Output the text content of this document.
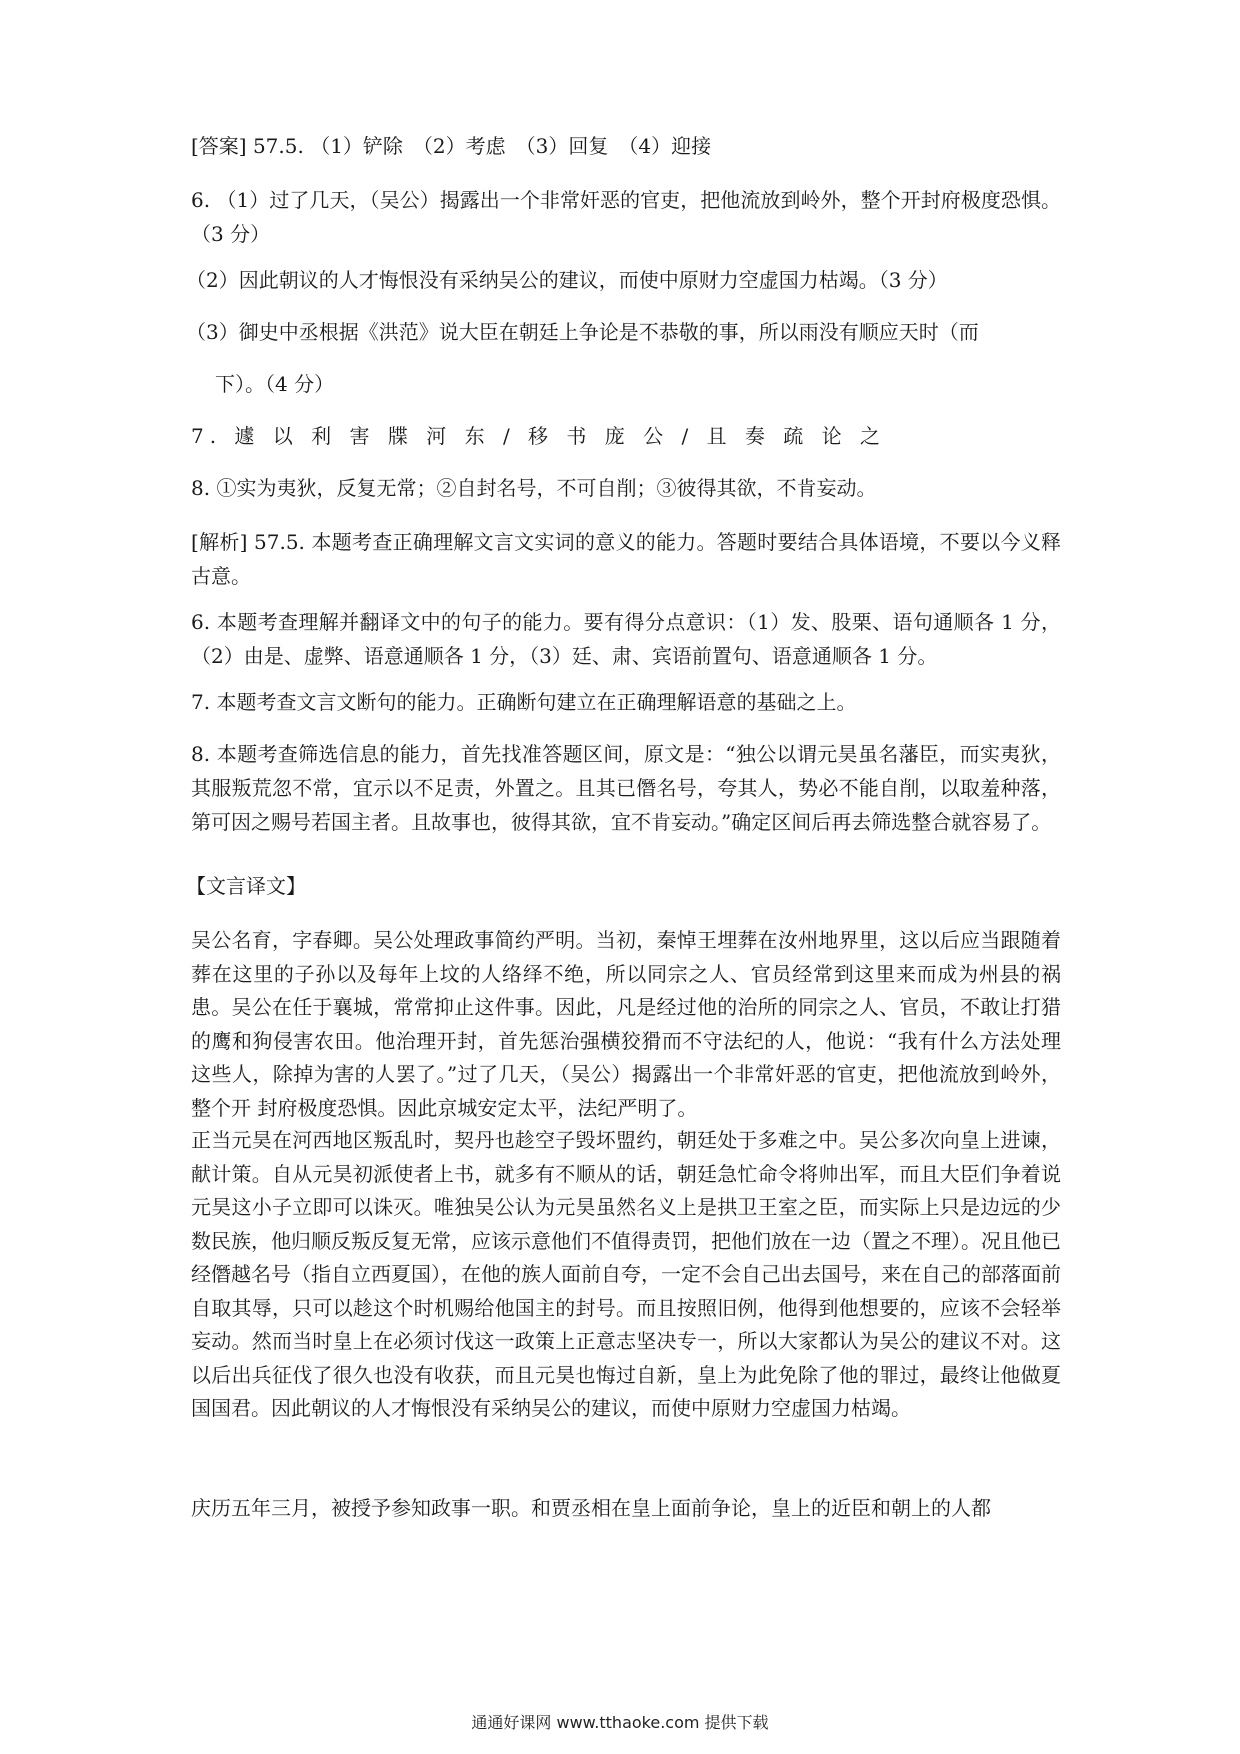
[答案] 57.5. （1）铲除　（2）考虑　（3）回复　（4）迎接

6. （1）过了几天，（吴公）揭露出一个非常奸恶的官吏，把他流放到岭外，整个开封府极度恐惧。（3 分）

（2）因此朝议的人才悔恨没有采纳吴公的建议，而使中原财力空虚国力枯竭。（3 分）

（3）御史中丞根据《洪范》说大臣在朝廷上争论是不恭敬的事，所以雨没有顺应天时（而

下）。（4 分）

7. 遽 以 利 害 牒 河 东 / 移 书 庞 公 / 且 奏 疏 论 之

8. ①实为夷狄，反复无常；②自封名号，不可自削；③彼得其欲，不肯妄动。

[解析] 57.5. 本题考查正确理解文言文实词的意义的能力。答题时要结合具体语境，不要以今义释古意。

6. 本题考查理解并翻译文中的句子的能力。要有得分点意识：（1）发、股栗、语句通顺各 1 分，（2）由是、虚弊、语意通顺各 1 分，（3）廷、肃、宾语前置句、语意通顺各 1 分。

7. 本题考查文言文断句的能力。正确断句建立在正确理解语意的基础之上。

8. 本题考查筛选信息的能力，首先找准答题区间，原文是：“独公以谓元昊虽名藩臣，而实夷狄，其服叛荒忽不常，宜示以不足责，外置之。且其已僭名号，夸其人，势必不能自削，以取羞种落，第可因之赐号若国主者。且故事也，彼得其欲，宜不肯妄动。”确定区间后再去筛选整合就容易了。

【文言译文】

吴公名育，字春卿。吴公处理政事简约严明。当初，秦悼王埋葬在汝州地界里，这以后应当跟随着葬在这里的子孙以及每年上坟的人络绎不绝，所以同宗之人、官员经常到这里来而成为州县的祸患。吴公在任于襄城，常常抑止这件事。因此，凡是经过他的治所的同宗之人、官员，不敢让打猎的鹰和狗侵害农田。他治理开封，首先惩治强横狡猾而不守法纪的人，他说：“我有什么方法处理这些人，除掉为害的人罢了。”过了几天，（吴公）揭露出一个非常奸恶的官吏，把他流放到岭外，整个开 封府极度恐惧。因此京城安定太平，法纪严明了。

正当元昊在河西地区叛乱时，契丹也趁空子毁坏盟约，朝廷处于多难之中。吴公多次向皇上进谏，献计策。自从元昊初派使者上书，就多有不顺从的话，朝廷急忙命令将帅出军，而且大臣们争着说元昊这小子立即可以诛灭。唯独吴公认为元昊虽然名义上是拱卫王室之臣，而实际上只是边远的少数民族，他归顺反叛反复无常，应该示意他们不值得责罚，把他们放在一边（置之不理）。况且他已经僭越名号（指自立西夏国），在他的族人面前自夸，一定不会自己出去国号，来在自己的部落面前自取其辱，只可以趁这个时机赐给他国主的封号。而且按照旧例，他得到他想要的，应该不会轻举妄动。然而当时皇上在必须讨伐这一政策上正意志坚决专一，所以大家都认为吴公的建议不对。这以后出兵征伐了很久也没有收获，而且元昊也悔过自新，皇上为此免除了他的罪过，最终让他做夏国国君。因此朝议的人才悔恨没有采纳吴公的建议，而使中原财力空虚国力枯竭。

庆历五年三月，被授予参知政事一职。和贾丞相在皇上面前争论，皇上的近臣和朝上的人都

通通好课网 www.tthaoke.com 提供下载
